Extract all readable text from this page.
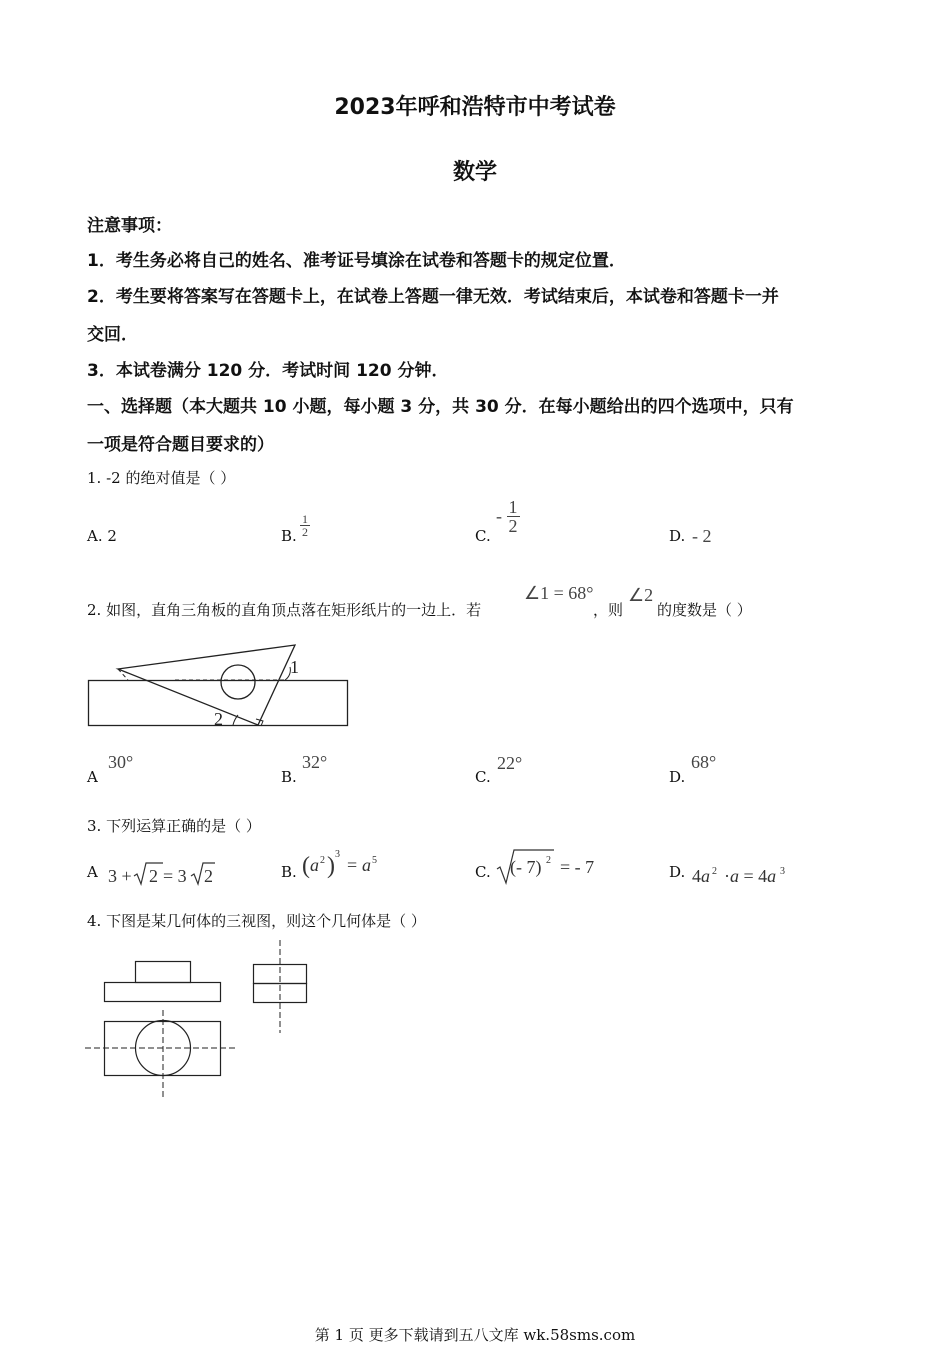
2023年呼和浩特市中考试卷
数学
注意事项：
1．考生务必将自己的姓名、准考证号填涂在试卷和答题卡的规定位置．
2．考生要将答案写在答题卡上，在试卷上答题一律无效．考试结束后，本试卷和答题卡一并
交回．
3．本试卷满分 120 分．考试时间 120 分钟．
一、选择题（本大题共 10 小题，每小题 3 分，共 30 分．在每小题给出的四个选项中，只有
一项是符合题目要求的）
1. -2 的绝对值是（ ）
A. 2	B. $\frac{1}{2}$	C.
- $\frac{1}{2}$
D. - 2
2. 如图，直角三角板的直角顶点落在矩形纸片的一边上．若
∠1 = 68°
，则
∠2
的度数是（ ）
1
2
A
30°
B.
32°
C.
22°
D.
68°
3. 下列运算正确的是（ ）
A 3 + 2 = 3 2	B. ( a 2 ) 3
= a 5
C. (- 7) 2 = - 7	D. 4a 2 ·a = 4a 3
4. 下图是某几何体的三视图，则这个几何体是（ ）
第 1 页 更多下载请到五八文库 wk.58sms.com
